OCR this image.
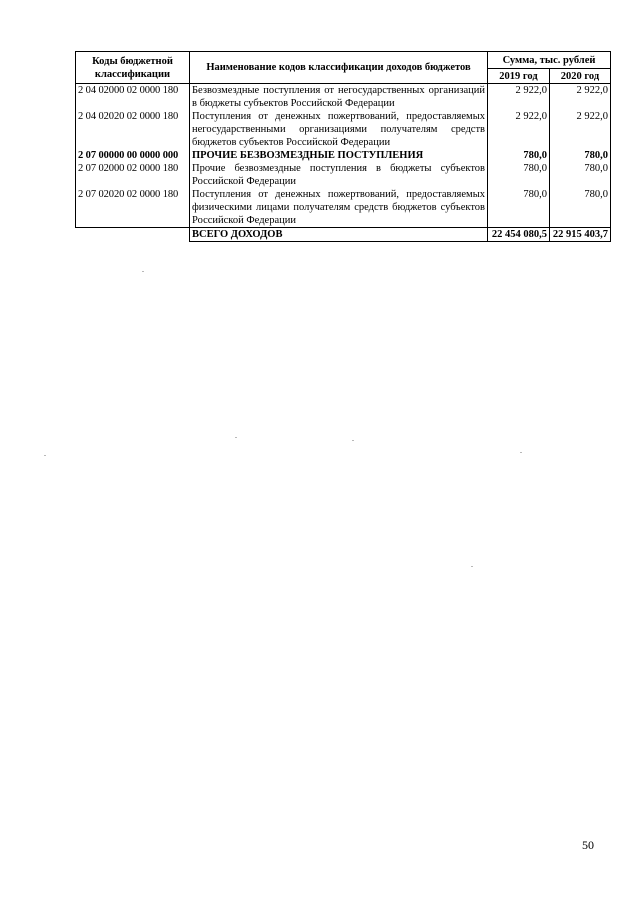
Коды бюджетной классификации	Наименование кодов классификации доходов бюджетов	Сумма, тыс. рублей	
		2019 год	2020 год
2 04 02000 02 0000 180	Безвозмездные поступления от негосударственных организаций в бюджеты субъектов Российской Федерации	2 922,0	2 922,0
2 04 02020 02 0000 180	Поступления от денежных пожертвований, предоставляемых негосударственными организациями получателям средств бюджетов субъектов Российской Федерации	2 922,0	2 922,0
2 07 00000 00 0000 000	ПРОЧИЕ БЕЗВОЗМЕЗДНЫЕ ПОСТУПЛЕНИЯ	780,0	780,0
2 07 02000 02 0000 180	Прочие безвозмездные поступления в бюджеты субъектов Российской Федерации	780,0	780,0
2 07 02020 02 0000 180	Поступления от денежных пожертвований, предоставляемых физическими лицами получателям средств бюджетов субъектов Российской Федерации	780,0	780,0
	ВСЕГО ДОХОДОВ	22 454 080,5	22 915 403,7
50
